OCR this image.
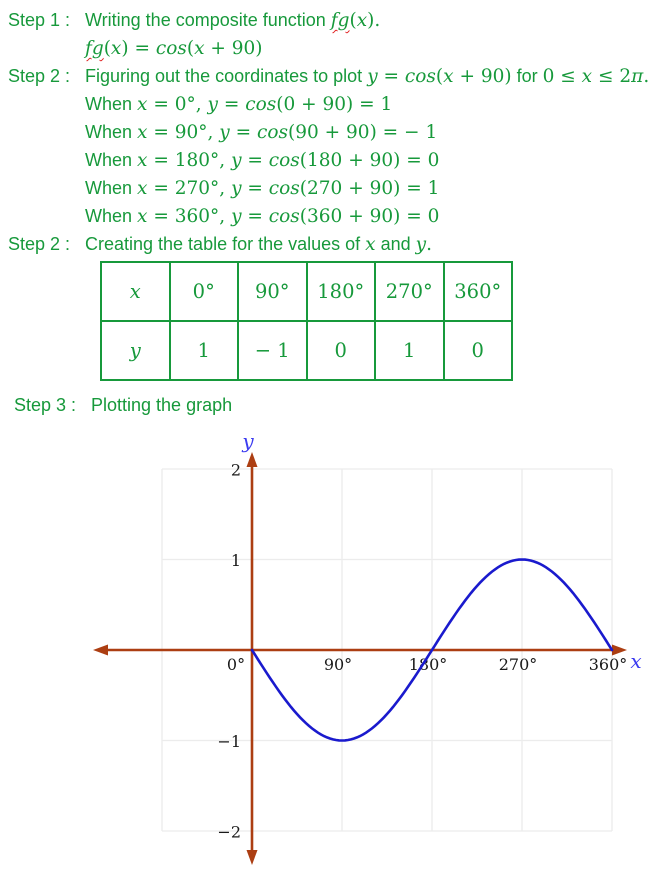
Step 1 : Writing the composite function fg(x).
fg(x) = cos(x + 90)
Step 2 : Figuring out the coordinates to plot y = cos(x + 90) for 0 ≤ x ≤ 2π.
When x = 0°, y = cos(0 + 90) = 1
When x = 90°, y = cos(90 + 90) = − 1
When x = 180°, y = cos(180 + 90) = 0
When x = 270°, y = cos(270 + 90) = 1
When x = 360°, y = cos(360 + 90) = 0
Step 2 : Creating the table for the values of x and y.
x	0°	90°	180°	270°	360°
y	1	− 1	0	1	0
Step 3 : Plotting the graph
0°	90°	180°	270°	360°
2
1
−1
−2
y
x
